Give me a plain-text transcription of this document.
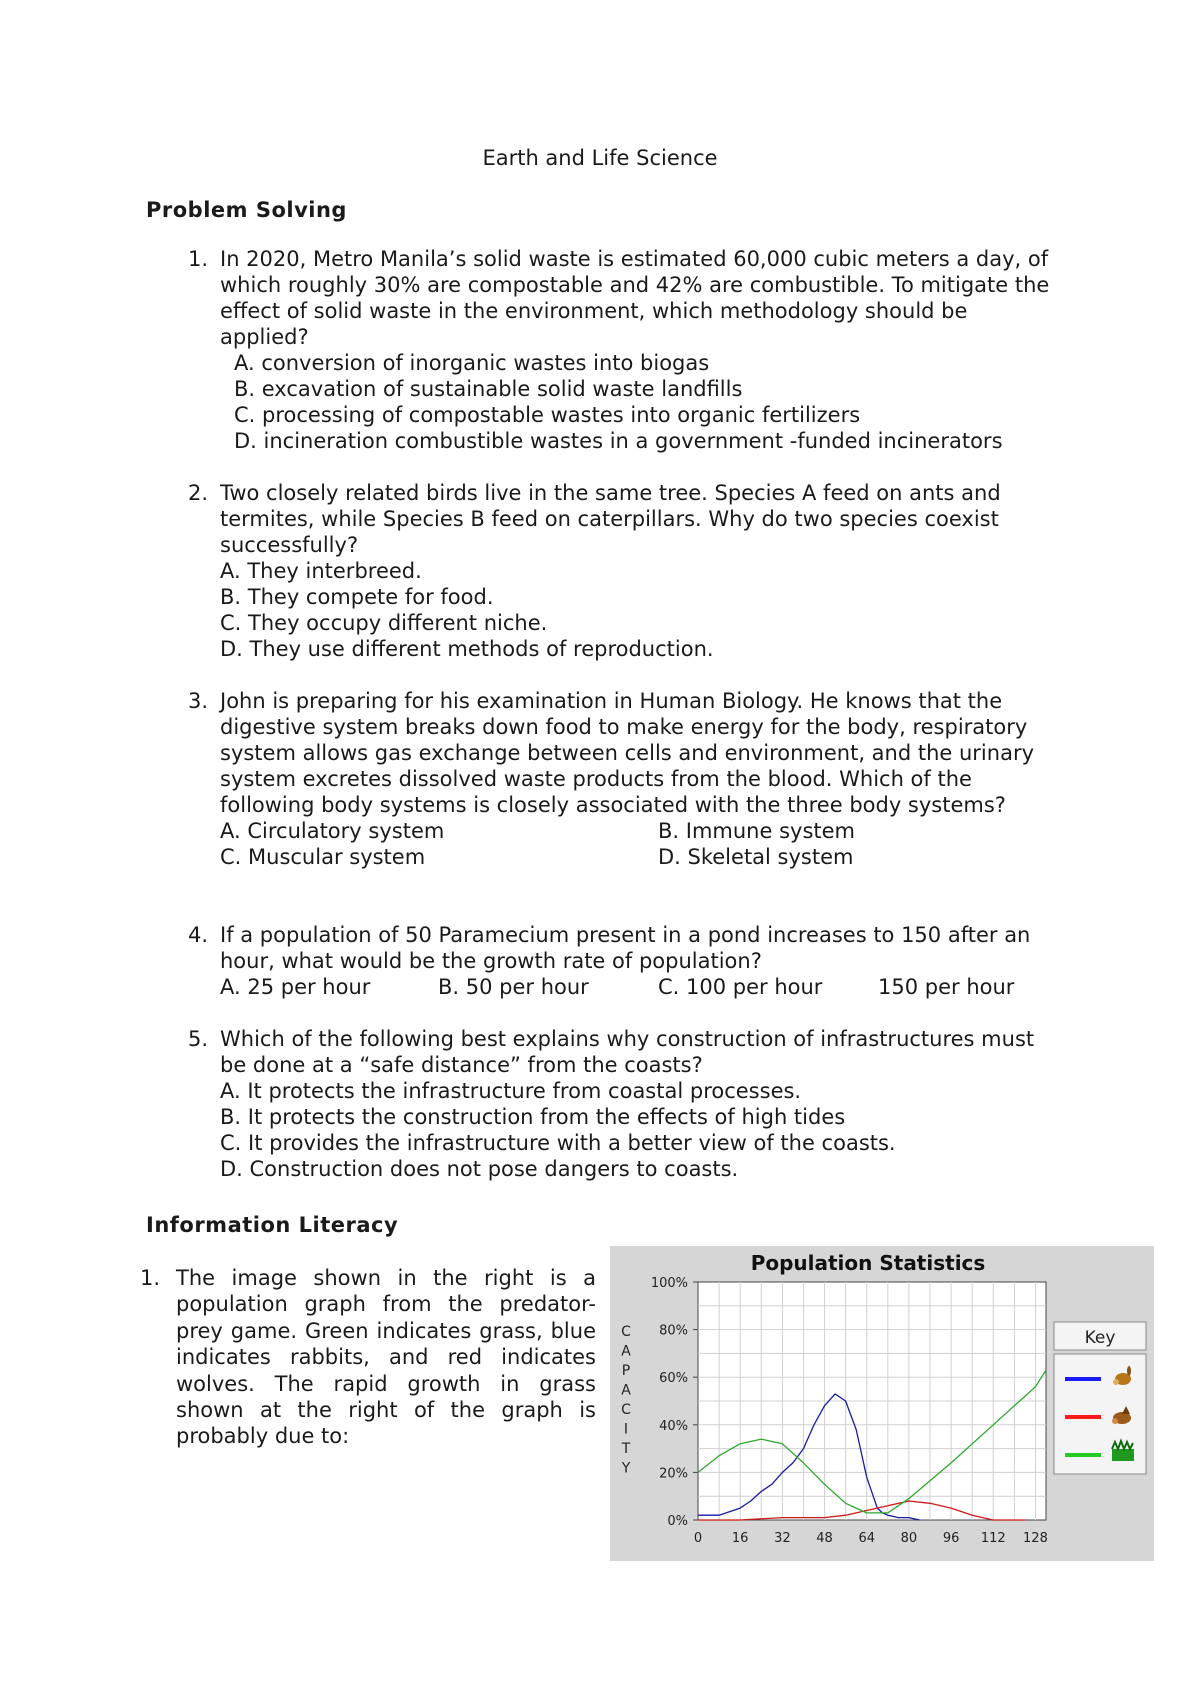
Earth and Life Science
Problem Solving
1. In 2020, Metro Manila’s solid waste is estimated 60,000 cubic meters a day, of which roughly 30% are compostable and 42% are combustible. To mitigate the effect of solid waste in the environment, which methodology should be applied?
A. conversion of inorganic wastes into biogas
B. excavation of sustainable solid waste landfills
C. processing of compostable wastes into organic fertilizers
D. incineration combustible wastes in a government -funded incinerators
2. Two closely related birds live in the same tree. Species A feed on ants and termites, while Species B feed on caterpillars. Why do two species coexist successfully?
A. They interbreed.
B. They compete for food.
C. They occupy different niche.
D. They use different methods of reproduction.
3. John is preparing for his examination in Human Biology. He knows that the digestive system breaks down food to make energy for the body, respiratory system allows gas exchange between cells and environment, and the urinary system excretes dissolved waste products from the blood. Which of the following body systems is closely associated with the three body systems?
A. Circulatory system	B. Immune system
C. Muscular system	D. Skeletal system
4. If a population of 50 Paramecium present in a pond increases to 150 after an hour, what would be the growth rate of population?
A. 25 per hour	B. 50 per hour	C. 100 per hour	150 per hour
5. Which of the following best explains why construction of infrastructures must be done at a “safe distance” from the coasts?
A. It protects the infrastructure from coastal processes.
B. It protects the construction from the effects of high tides
C. It provides the infrastructure with a better view of the coasts.
D. Construction does not pose dangers to coasts.
Information Literacy
1. The image shown in the right is a population graph from the predator-prey game. Green indicates grass, blue indicates rabbits, and red indicates wolves. The rapid growth in grass shown at the right of the graph is probably due to:
Population Statistics
C
A
P
A
C
I
T
Y
0%
20%
40%
60%
80%
100%
0 16 32 48 64 80 96 112 128
Key
